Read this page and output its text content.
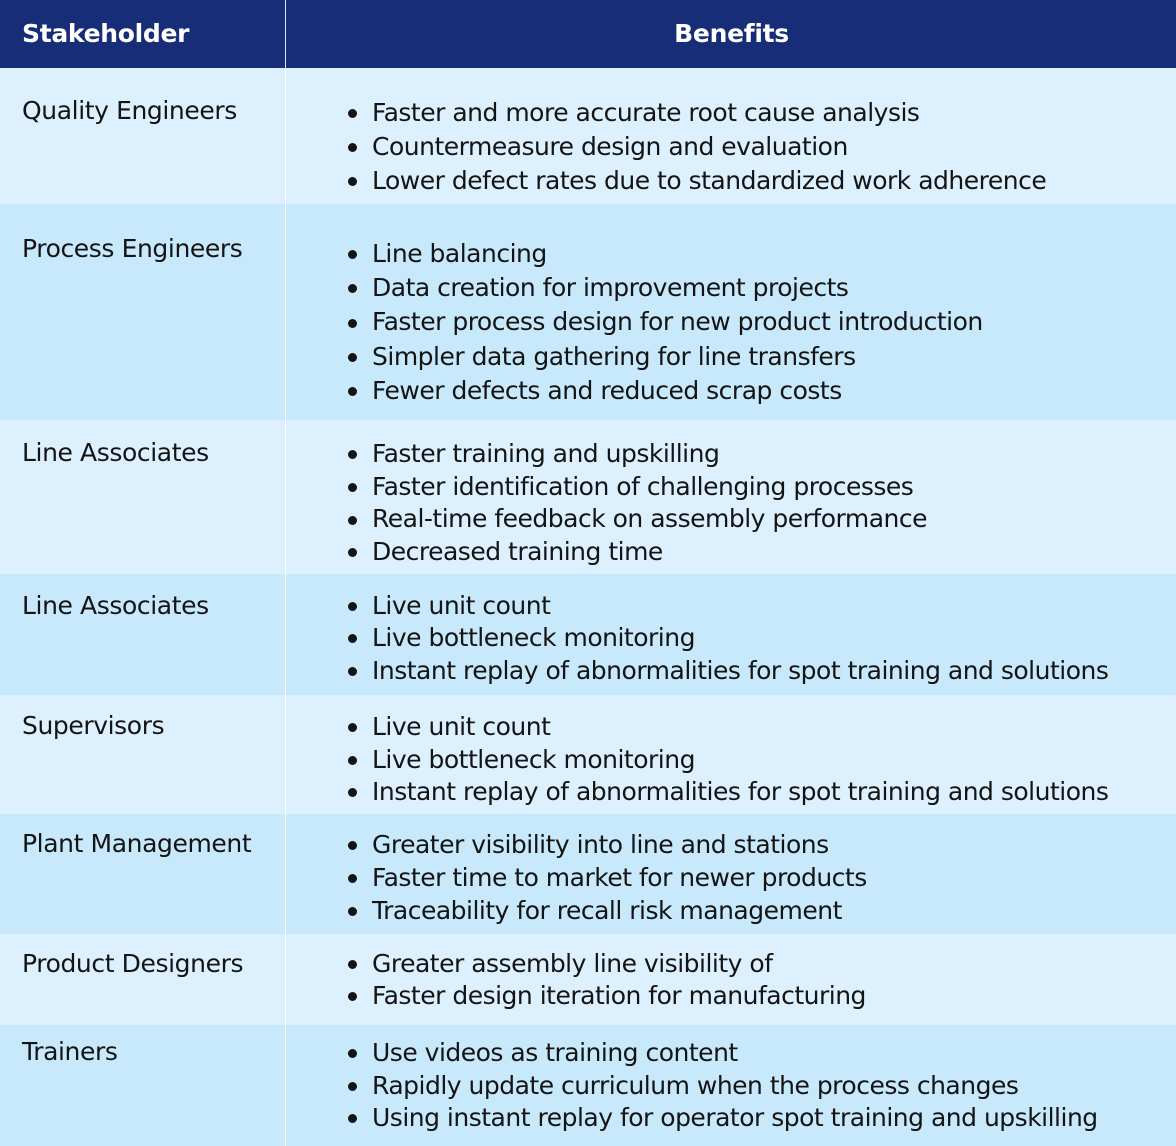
Stakeholder	Benefits
Quality Engineers	Faster and more accurate root cause analysis
Countermeasure design and evaluation
Lower defect rates due to standardized work adherence
Process Engineers	Line balancing
Data creation for improvement projects
Faster process design for new product introduction
Simpler data gathering for line transfers
Fewer defects and reduced scrap costs
Line Associates	Faster training and upskilling
Faster identification of challenging processes
Real-time feedback on assembly performance
Decreased training time
Line Associates	Live unit count
Live bottleneck monitoring
Instant replay of abnormalities for spot training and solutions
Supervisors	Live unit count
Live bottleneck monitoring
Instant replay of abnormalities for spot training and solutions
Plant Management	Greater visibility into line and stations
Faster time to market for newer products
Traceability for recall risk management
Product Designers	Greater assembly line visibility of
Faster design iteration for manufacturing
Trainers	Use videos as training content
Rapidly update curriculum when the process changes
Using instant replay for operator spot training and upskilling
